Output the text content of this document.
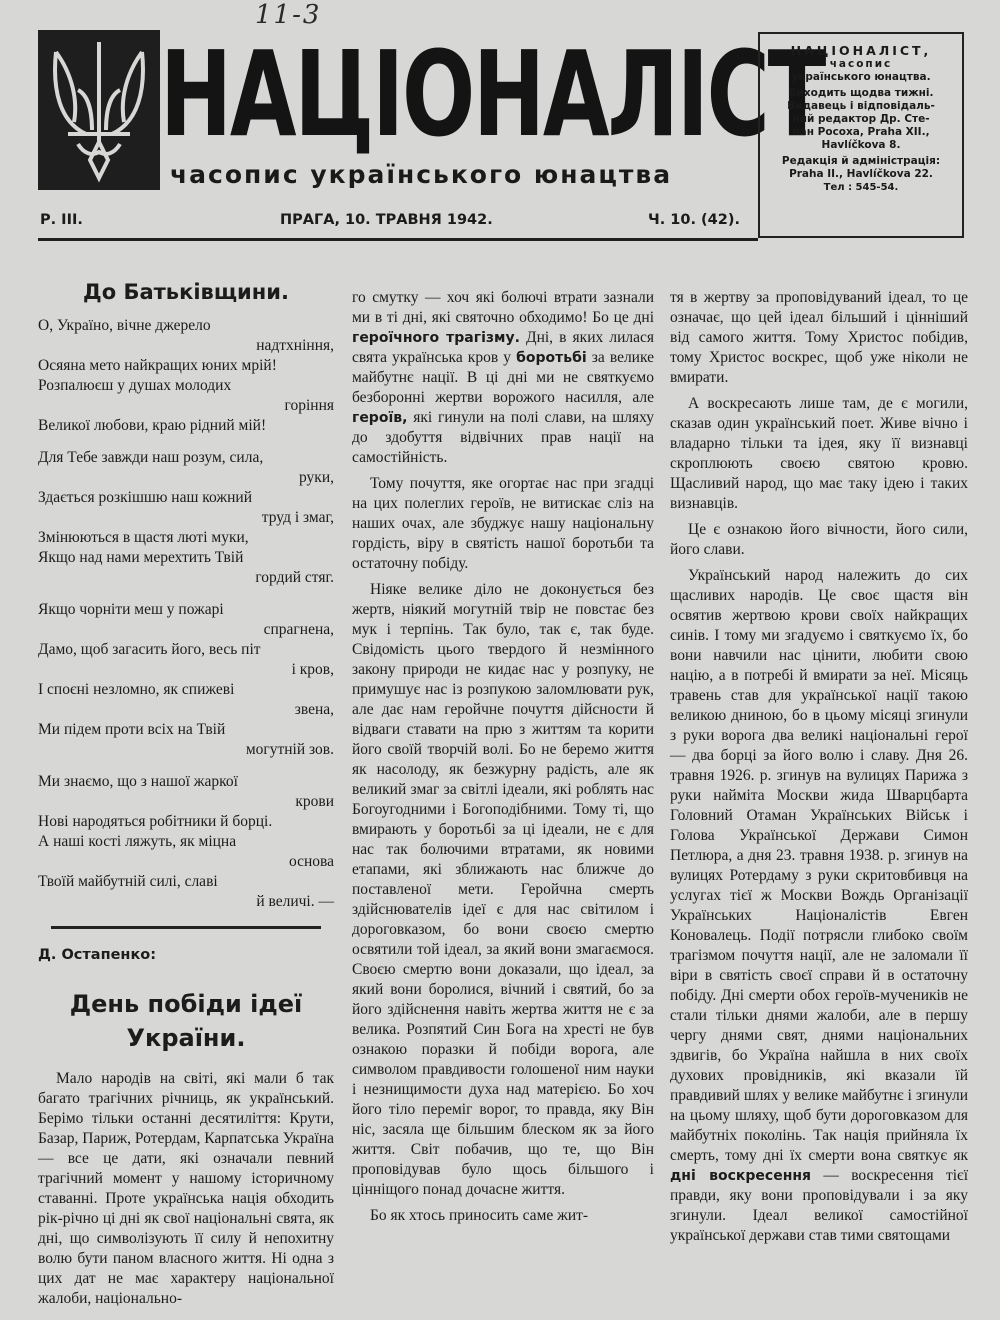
11-3
НАЦІОНАЛІСТ
часопис українського юнацтва
НАЦІОНАЛІСТ,
часопис
українського юнацтва.
Виходить щодва тижні.
Видавець і відповідаль-
ний редактор Др. Сте-
пан Росоха, Praha XII.,
Havlíčkova 8.
Редакція й адміністрація:
Praha II., Havlíčkova 22.
Тел : 545-54.
Р. III.	ПРАГА, 10. ТРАВНЯ 1942.	Ч. 10. (42).
До Батьківщини.
О, Україно, вічне джерело
надтхніння,
Осяяна мето найкращих юних мрій!
Розпалюєш у душах молодих
горіння
Великої любови, краю рідний мій!
Для Тебе завжди наш розум, сила,
руки,
Здається розкішшю наш кожний
труд і змаг,
Змінюються в щастя люті муки,
Якщо над нами мерехтить Твій
гордий стяг.
Якщо чорніти меш у пожарі
спрагнена,
Дамо, щоб загасить його, весь піт
і кров,
І споєні незломно, як спижеві
звена,
Ми підем проти всіх на Твій
могутній зов.
Ми знаємо, що з нашої жаркої
крови
Нові народяться робітники й борці.
А наші кості ляжуть, як міцна
основа
Твоїй майбутній силі, славі
й величі. —
Д. Остапенко:
День побіди ідеї
України.

Мало народів на світі, які мали б так багато трагічних річниць, як український. Берімо тільки останні десятиліття: Крути, Базар, Париж, Ротердам, Карпатська Україна — все це дати, які означали певний трагічний момент у нашому історичному ставанні. Проте українська нація обходить рік-річно ці дні як свої національні свята, як дні, що символізують її силу й непохитну волю бути паном власного життя. Ні одна з цих дат не має характеру національної жалоби, національно-

го смутку — хоч які болючі втрати зазнали ми в ті дні, які святочно обходимо! Бо це дні героїчного трагізму. Дні, в яких лилася свята українська кров у боротьбі за велике майбутнє нації. В ці дні ми не святкуємо безборонні жертви ворожого насилля, але героїв, які гинули на полі слави, на шляху до здобуття відвічних прав нації на самостійність.

Тому почуття, яке огортає нас при згадці на цих полеглих героїв, не витискає сліз на наших очах, але збуджує нашу національну гордість, віру в святість нашої боротьби та остаточну побіду.

Ніяке велике діло не доконується без жертв, ніякий могутній твір не повстає без мук і терпінь. Так було, так є, так буде. Свідомість цього твердого й незмінного закону природи не кидає нас у розпуку, не примушує нас із розпукою заломлювати рук, але дає нам геройчне почуття дійсности й відваги ставати на прю з життям та корити його своїй творчій волі. Бо не беремо життя як насолоду, як безжурну радість, але як великий змаг за світлі ідеали, які роблять нас Богоугодними і Богоподібними. Тому ті, що вмирають у боротьбі за ці ідеали, не є для нас так болючими втратами, як новими етапами, які зближають нас ближче до поставленої мети. Геройчна смерть здійснювателів ідеї є для нас світилом і дороговказом, бо вони своєю смертю освятили той ідеал, за який вони змагаємося. Своєю смертю вони доказали, що ідеал, за який вони боролися, вічний і святий, бо за його здійснення навіть жертва життя не є за велика. Розпятий Син Бога на хресті не був ознакою поразки й побіди ворога, але символом правдивости голошеної ним науки і незнищимости духа над матерією. Бо хоч його тіло переміг ворог, то правда, яку Він ніс, засяла ще більшим блеском як за його життя. Світ побачив, що те, що Він проповідував було щось більшого і цінніщого понад дочасне життя.

Бо як хтось приносить саме жит-

тя в жертву за проповідуваний ідеал, то це означає, що цей ідеал більший і цінніший від самого життя. Тому Христос побідив, тому Христос воскрес, щоб уже ніколи не вмирати.

А воскресають лише там, де є могили, сказав один український поет. Живе вічно і владарно тільки та ідея, яку її визнавці скроплюють своєю святою кровю. Щасливий народ, що має таку ідею і таких визнавців.

Це є ознакою його вічности, його сили, його слави.

Український народ належить до сих щасливих народів. Це своє щастя він освятив жертвою крови своїх найкращих синів. І тому ми згадуємо і святкуємо їх, бо вони навчили нас цінити, любити свою націю, а в потребі й вмирати за неї. Місяць травень став для української нації такою великою днинoю, бо в цьому місяці згинули з руки ворога два великі національні герої — два борці за його волю і славу. Дня 26. травня 1926. р. згинув на вулицях Парижа з руки найміта Москви жида Шварцбарта Головний Отаман Українських Військ і Голова Української Держави Симон Петлюра, а дня 23. травня 1938. р. згинув на вулицях Ротердаму з руки скритовбивця на услугах тієї ж Москви Вождь Організації Українських Націоналістів Евген Коновалець. Події потрясли глибоко своїм трагізмом почуття нації, але не заломали її віри в святість своєї справи й в остаточну побіду. Дні смерти обох героїв-мучеників не стали тільки днями жалоби, але в першу чергу днями свят, днями національних здвигів, бо Україна найшла в них своїх духових провідників, які вказали їй правдивий шлях у велике майбутнє і згинули на цьому шляху, щоб бути дороговказом для майбутніх поколінь. Так нація прийняла їх смерть, тому дні їх смерти вона святкує як дні воскресення — воскресення тієї правди, яку вони проповідували і за яку згинули. Ідеал великої самостійної української держави став тими святощами
